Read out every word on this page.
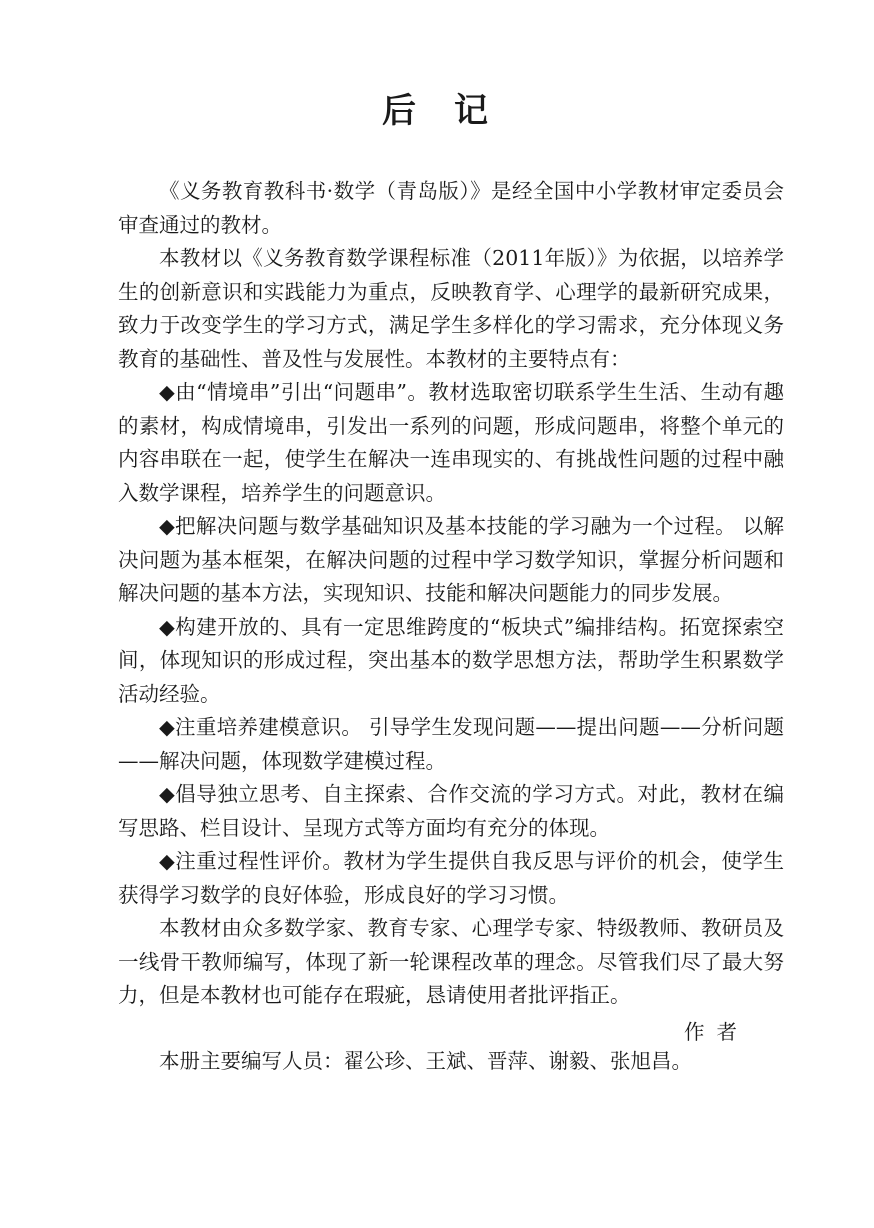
后 记

《义务教育教科书·数学（青岛版）》是经全国中小学教材审定委员会审查通过的教材。

本教材以《义务教育数学课程标准（2011年版）》为依据，以培养学生的创新意识和实践能力为重点，反映教育学、心理学的最新研究成果，致力于改变学生的学习方式，满足学生多样化的学习需求，充分体现义务教育的基础性、普及性与发展性。本教材的主要特点有：

◆由“情境串”引出“问题串”。教材选取密切联系学生生活、生动有趣的素材，构成情境串，引发出一系列的问题，形成问题串，将整个单元的内容串联在一起，使学生在解决一连串现实的、有挑战性问题的过程中融入数学课程，培养学生的问题意识。

◆把解决问题与数学基础知识及基本技能的学习融为一个过程。 以解决问题为基本框架，在解决问题的过程中学习数学知识，掌握分析问题和解决问题的基本方法，实现知识、技能和解决问题能力的同步发展。

◆构建开放的、具有一定思维跨度的“板块式”编排结构。拓宽探索空间，体现知识的形成过程，突出基本的数学思想方法，帮助学生积累数学活动经验。

◆注重培养建模意识。 引导学生发现问题——提出问题——分析问题——解决问题，体现数学建模过程。

◆倡导独立思考、自主探索、合作交流的学习方式。对此，教材在编写思路、栏目设计、呈现方式等方面均有充分的体现。

◆注重过程性评价。教材为学生提供自我反思与评价的机会，使学生获得学习数学的良好体验，形成良好的学习习惯。

本教材由众多数学家、教育专家、心理学专家、特级教师、教研员及一线骨干教师编写，体现了新一轮课程改革的理念。尽管我们尽了最大努力，但是本教材也可能存在瑕疵，恳请使用者批评指正。

本册主要编写人员：翟公珍、王斌、晋萍、谢毅、张旭昌。

作 者
